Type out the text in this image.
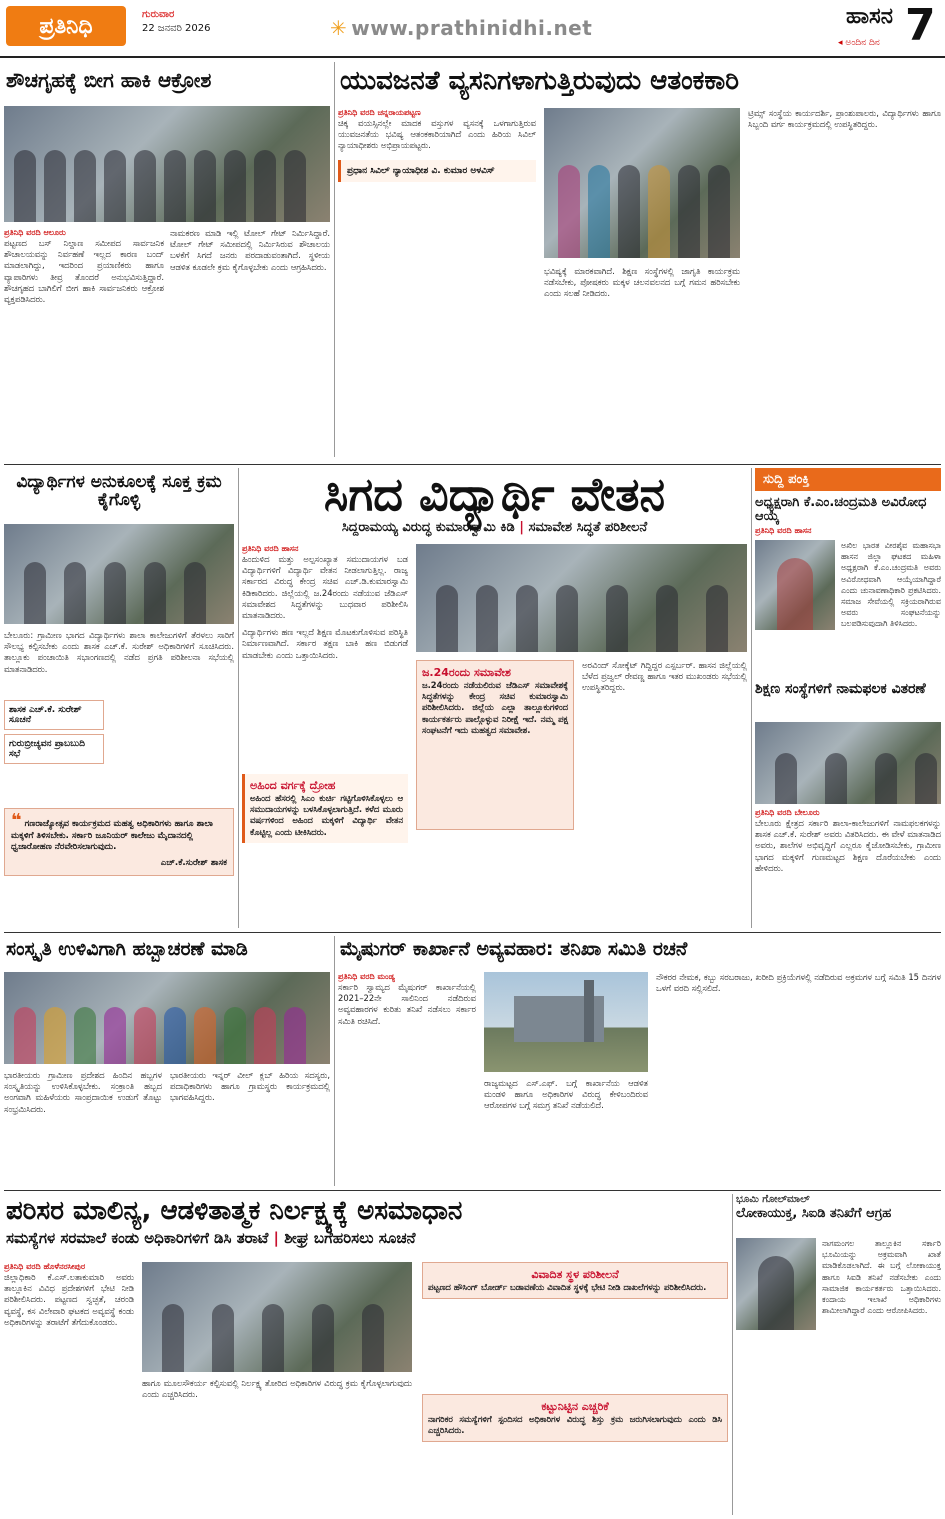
ಪ್ರತಿನಿಧಿ	ಗುರುವಾರ
22 ಜನವರಿ 2026	✳ www.prathinidhi.net	ಹಾಸನ
◂ ಅಂದಿನ ದಿನ 7
ಶೌಚಗೃಹಕ್ಕೆ ಬೀಗ ಹಾಕಿ ಆಕ್ರೋಶ
ಪ್ರತಿನಿಧಿ ವರದಿ ಆಲೂರು
ಪಟ್ಟಣದ ಬಸ್ ನಿಲ್ದಾಣ ಸಮೀಪದ ಸಾರ್ವಜನಿಕ ಶೌಚಾಲಯವನ್ನು ನಿರ್ವಹಣೆ ಇಲ್ಲದ ಕಾರಣ ಬಂದ್ ಮಾಡಲಾಗಿದ್ದು, ಇದರಿಂದ ಪ್ರಯಾಣಿಕರು ಹಾಗೂ ವ್ಯಾಪಾರಿಗಳು ತೀವ್ರ ತೊಂದರೆ ಅನುಭವಿಸುತ್ತಿದ್ದಾರೆ. ಶೌಚಗೃಹದ ಬಾಗಿಲಿಗೆ ಬೀಗ ಹಾಕಿ ಸಾರ್ವಜನಿಕರು ಆಕ್ರೋಶ ವ್ಯಕ್ತಪಡಿಸಿದರು.
ನಾಮಕರಣ ಮಾಡಿ ಇಲ್ಲಿ ಟೋಲ್ ಗೇಟ್ ನಿರ್ಮಿಸಿದ್ದಾರೆ. ಟೋಲ್ ಗೇಟ್ ಸಮೀಪದಲ್ಲಿ ನಿರ್ಮಿಸಿರುವ ಶೌಚಾಲಯ ಬಳಕೆಗೆ ಸಿಗದೆ ಜನರು ಪರದಾಡುವಂತಾಗಿದೆ. ಸ್ಥಳೀಯ ಆಡಳಿತ ಕೂಡಲೇ ಕ್ರಮ ಕೈಗೊಳ್ಳಬೇಕು ಎಂದು ಆಗ್ರಹಿಸಿದರು.
ಯುವಜನತೆ ವ್ಯಸನಿಗಳಾಗುತ್ತಿರುವುದು ಆತಂಕಕಾರಿ
ಪ್ರತಿನಿಧಿ ವರದಿ ಚನ್ನರಾಯಪಟ್ಟಣ
ಚಿಕ್ಕ ವಯಸ್ಸಿನಲ್ಲೇ ಮಾದಕ ವಸ್ತುಗಳ ವ್ಯಸನಕ್ಕೆ ಒಳಗಾಗುತ್ತಿರುವ ಯುವಜನತೆಯ ಭವಿಷ್ಯ ಆತಂಕಕಾರಿಯಾಗಿದೆ ಎಂದು ಹಿರಿಯ ಸಿವಿಲ್ ನ್ಯಾಯಾಧೀಶರು ಅಭಿಪ್ರಾಯಪಟ್ಟರು.
ಪ್ರಧಾನ ಸಿವಿಲ್ ನ್ಯಾಯಾಧೀಶ ವಿ. ಕುಮಾರ ಅಳವಿಸ್
ಭವಿಷ್ಯಕ್ಕೆ ಮಾರಕವಾಗಿದೆ. ಶಿಕ್ಷಣ ಸಂಸ್ಥೆಗಳಲ್ಲಿ ಜಾಗೃತಿ ಕಾರ್ಯಕ್ರಮ ನಡೆಸಬೇಕು, ಪೋಷಕರು ಮಕ್ಕಳ ಚಲನವಲನದ ಬಗ್ಗೆ ಗಮನ ಹರಿಸಬೇಕು ಎಂದು ಸಲಹೆ ನೀಡಿದರು.
ಟ್ರಿಮ್ಸ್ ಸಂಸ್ಥೆಯ ಕಾರ್ಯದರ್ಶಿ, ಪ್ರಾಂಶುಪಾಲರು, ವಿದ್ಯಾರ್ಥಿಗಳು ಹಾಗೂ ಸಿಬ್ಬಂದಿ ವರ್ಗ ಕಾರ್ಯಕ್ರಮದಲ್ಲಿ ಉಪಸ್ಥಿತರಿದ್ದರು.
ವಿದ್ಯಾರ್ಥಿಗಳ ಅನುಕೂಲಕ್ಕೆ ಸೂಕ್ತ ಕ್ರಮ ಕೈಗೊಳ್ಳಿ
ಬೇಲೂರು: ಗ್ರಾಮೀಣ ಭಾಗದ ವಿದ್ಯಾರ್ಥಿಗಳು ಶಾಲಾ ಕಾಲೇಜುಗಳಿಗೆ ತೆರಳಲು ಸಾರಿಗೆ ಸೌಲಭ್ಯ ಕಲ್ಪಿಸಬೇಕು ಎಂದು ಶಾಸಕ ಎಚ್.ಕೆ. ಸುರೇಶ್ ಅಧಿಕಾರಿಗಳಿಗೆ ಸೂಚಿಸಿದರು. ತಾಲ್ಲೂಕು ಪಂಚಾಯಿತಿ ಸಭಾಂಗಣದಲ್ಲಿ ನಡೆದ ಪ್ರಗತಿ ಪರಿಶೀಲನಾ ಸಭೆಯಲ್ಲಿ ಮಾತನಾಡಿದರು.
ಶಾಸಕ ಎಚ್.ಕೆ. ಸುರೇಶ್ ಸೂಚನೆ
ಗುರುಬ್ರೀಚ್ಯವನ ಪ್ರಾಬಬುದಿ ಸಭೆ
❝ ಗಣರಾಜ್ಯೋತ್ಸವ ಕಾರ್ಯಕ್ರಮದ ಮಹತ್ವ ಅಧಿಕಾರಿಗಳು ಹಾಗೂ ಶಾಲಾ ಮಕ್ಕಳಿಗೆ ತಿಳಿಸಬೇಕು. ಸರ್ಕಾರಿ ಜೂನಿಯರ್ ಕಾಲೇಜು ಮೈದಾನದಲ್ಲಿ ಧ್ವಜಾರೋಹಣ ನೆರವೇರಿಸಲಾಗುವುದು.
ಎಚ್.ಕೆ.ಸುರೇಶ್ ಶಾಸಕ
ಸಿಗದ ವಿದ್ಯಾರ್ಥಿ ವೇತನ
ಸಿದ್ದರಾಮಯ್ಯ ವಿರುದ್ಧ ಕುಮಾರಸ್ವಾಮಿ ಕಿಡಿ | ಸಮಾವೇಶ ಸಿದ್ಧತೆ ಪರಿಶೀಲನೆ
ಪ್ರತಿನಿಧಿ ವರದಿ ಹಾಸನ
ಹಿಂದುಳಿದ ಮತ್ತು ಅಲ್ಪಸಂಖ್ಯಾತ ಸಮುದಾಯಗಳ ಬಡ ವಿದ್ಯಾರ್ಥಿಗಳಿಗೆ ವಿದ್ಯಾರ್ಥಿ ವೇತನ ನೀಡಲಾಗುತ್ತಿಲ್ಲ. ರಾಜ್ಯ ಸರ್ಕಾರದ ವಿರುದ್ಧ ಕೇಂದ್ರ ಸಚಿವ ಎಚ್.ಡಿ.ಕುಮಾರಸ್ವಾಮಿ ಕಿಡಿಕಾರಿದರು. ಜಿಲ್ಲೆಯಲ್ಲಿ ಜ.24ರಂದು ನಡೆಯುವ ಜೆಡಿಎಸ್ ಸಮಾವೇಶದ ಸಿದ್ಧತೆಗಳನ್ನು ಬುಧವಾರ ಪರಿಶೀಲಿಸಿ ಮಾತನಾಡಿದರು.
ವಿದ್ಯಾರ್ಥಿಗಳು ಹಣ ಇಲ್ಲದೆ ಶಿಕ್ಷಣ ಮೊಟಕುಗೊಳಿಸುವ ಪರಿಸ್ಥಿತಿ ನಿರ್ಮಾಣವಾಗಿದೆ. ಸರ್ಕಾರ ತಕ್ಷಣ ಬಾಕಿ ಹಣ ಬಿಡುಗಡೆ ಮಾಡಬೇಕು ಎಂದು ಒತ್ತಾಯಿಸಿದರು.
ಅಹಿಂದ ವರ್ಗಕ್ಕೆ ದ್ರೋಹ
ಅಹಿಂದ ಹೆಸರಲ್ಲಿ ಸಿಎಂ ಕುರ್ಚಿ ಗಟ್ಟಿಗೊಳಿಸಿಕೊಳ್ಳಲು ಆ ಸಮುದಾಯಗಳನ್ನು ಬಳಸಿಕೊಳ್ಳಲಾಗುತ್ತಿದೆ. ಕಳೆದ ಮೂರು ವರ್ಷಗಳಿಂದ ಅಹಿಂದ ಮಕ್ಕಳಿಗೆ ವಿದ್ಯಾರ್ಥಿ ವೇತನ ಕೊಟ್ಟಿಲ್ಲ ಎಂದು ಟೀಕಿಸಿದರು.
ಜ.24ರಂದು ಸಮಾವೇಶ
ಜ.24ರಂದು ನಡೆಯಲಿರುವ ಜೆಡಿಎಸ್ ಸಮಾವೇಶಕ್ಕೆ ಸಿದ್ಧತೆಗಳನ್ನು ಕೇಂದ್ರ ಸಚಿವ ಕುಮಾರಸ್ವಾಮಿ ಪರಿಶೀಲಿಸಿದರು. ಜಿಲ್ಲೆಯ ಎಲ್ಲಾ ತಾಲ್ಲೂಕುಗಳಿಂದ ಕಾರ್ಯಕರ್ತರು ಪಾಲ್ಗೊಳ್ಳುವ ನಿರೀಕ್ಷೆ ಇದೆ. ನಮ್ಮ ಪಕ್ಷ ಸಂಘಟನೆಗೆ ಇದು ಮಹತ್ವದ ಸಮಾವೇಶ.
ಅರವಿಂದ್ ಸೋಕ್ಕೆಟ್ ಗಿದ್ದಿದ್ದರ ಎಸ್ಪರ್ಬರ್. ಹಾಸನ ಜಿಲ್ಲೆಯಲ್ಲಿ ಬೆಳೆದ ಪ್ರಜ್ವಲ್ ರೇವಣ್ಣ ಹಾಗೂ ಇತರ ಮುಖಂಡರು ಸಭೆಯಲ್ಲಿ ಉಪಸ್ಥಿತರಿದ್ದರು.
ಸುದ್ದಿ ಪಂಕ್ತಿ
ಅಧ್ಯಕ್ಷರಾಗಿ ಕೆ.ಎಂ.ಚಂದ್ರಮತಿ ಅವಿರೋಧ ಆಯ್ಕೆ
ಪ್ರತಿನಿಧಿ ವರದಿ ಹಾಸನ
ಅಖಿಲ ಭಾರತ ವೀರಶೈವ ಮಹಾಸಭಾ ಹಾಸನ ಜಿಲ್ಲಾ ಘಟಕದ ಮಹಿಳಾ ಅಧ್ಯಕ್ಷರಾಗಿ ಕೆ.ಎಂ.ಚಂದ್ರಮತಿ ಅವರು ಅವಿರೋಧವಾಗಿ ಆಯ್ಕೆಯಾಗಿದ್ದಾರೆ ಎಂದು ಚುನಾವಣಾಧಿಕಾರಿ ಪ್ರಕಟಿಸಿದರು. ಸಮಾಜ ಸೇವೆಯಲ್ಲಿ ಸಕ್ರಿಯರಾಗಿರುವ ಅವರು ಸಂಘಟನೆಯನ್ನು ಬಲಪಡಿಸುವುದಾಗಿ ತಿಳಿಸಿದರು.
ಶಿಕ್ಷಣ ಸಂಸ್ಥೆಗಳಿಗೆ ನಾಮಫಲಕ ವಿತರಣೆ
ಪ್ರತಿನಿಧಿ ವರದಿ ಬೇಲೂರು
ಬೇಲೂರು ಕ್ಷೇತ್ರದ ಸರ್ಕಾರಿ ಶಾಲಾ-ಕಾಲೇಜುಗಳಿಗೆ ನಾಮಫಲಕಗಳನ್ನು ಶಾಸಕ ಎಚ್.ಕೆ. ಸುರೇಶ್ ಅವರು ವಿತರಿಸಿದರು. ಈ ವೇಳೆ ಮಾತನಾಡಿದ ಅವರು, ಶಾಲೆಗಳ ಅಭಿವೃದ್ಧಿಗೆ ಎಲ್ಲರೂ ಕೈಜೋಡಿಸಬೇಕು, ಗ್ರಾಮೀಣ ಭಾಗದ ಮಕ್ಕಳಿಗೆ ಗುಣಮಟ್ಟದ ಶಿಕ್ಷಣ ದೊರೆಯಬೇಕು ಎಂದು ಹೇಳಿದರು.
ಸಂಸ್ಕೃತಿ ಉಳಿವಿಗಾಗಿ ಹಬ್ಬಾಚರಣೆ ಮಾಡಿ
ಭಾರತೀಯರು ಗ್ರಾಮೀಣ ಪ್ರದೇಶದ ಹಿಂದಿನ ಹಬ್ಬಗಳ ಸಂಸ್ಕೃತಿಯನ್ನು ಉಳಿಸಿಕೊಳ್ಳಬೇಕು. ಸಂಕ್ರಾಂತಿ ಹಬ್ಬದ ಅಂಗವಾಗಿ ಮಹಿಳೆಯರು ಸಾಂಪ್ರದಾಯಿಕ ಉಡುಗೆ ತೊಟ್ಟು ಸಂಭ್ರಮಿಸಿದರು.
ಭಾರತೀಯರು ಇನ್ನರ್ ವೀಲ್ ಕ್ಲಬ್ ಹಿರಿಯ ಸದಸ್ಯರು, ಪದಾಧಿಕಾರಿಗಳು ಹಾಗೂ ಗ್ರಾಮಸ್ಥರು ಕಾರ್ಯಕ್ರಮದಲ್ಲಿ ಭಾಗವಹಿಸಿದ್ದರು.
ಮೈಷುಗರ್ ಕಾರ್ಖಾನೆ ಅವ್ಯವಹಾರ: ತನಿಖಾ ಸಮಿತಿ ರಚನೆ
ಪ್ರತಿನಿಧಿ ವರದಿ ಮಂಡ್ಯ
ಸರ್ಕಾರಿ ಸ್ವಾಮ್ಯದ ಮೈಷುಗರ್ ಕಾರ್ಖಾನೆಯಲ್ಲಿ 2021–22ನೇ ಸಾಲಿನಿಂದ ನಡೆದಿರುವ ಅವ್ಯವಹಾರಗಳ ಕುರಿತು ತನಿಖೆ ನಡೆಸಲು ಸರ್ಕಾರ ಸಮಿತಿ ರಚಿಸಿದೆ.
ರಾಜ್ಯಮಟ್ಟದ ಎಸ್.ಎಫ್. ಬಗ್ಗೆ ಕಾರ್ಖಾನೆಯ ಆಡಳಿತ ಮಂಡಳಿ ಹಾಗೂ ಅಧಿಕಾರಿಗಳ ವಿರುದ್ಧ ಕೇಳಿಬಂದಿರುವ ಆರೋಪಗಳ ಬಗ್ಗೆ ಸಮಗ್ರ ತನಿಖೆ ನಡೆಯಲಿದೆ.
ನೌಕರರ ನೇಮಕ, ಕಬ್ಬು ಸರಬರಾಜು, ಖರೀದಿ ಪ್ರಕ್ರಿಯೆಗಳಲ್ಲಿ ನಡೆದಿರುವ ಅಕ್ರಮಗಳ ಬಗ್ಗೆ ಸಮಿತಿ 15 ದಿನಗಳ ಒಳಗೆ ವರದಿ ಸಲ್ಲಿಸಲಿದೆ.
ಪರಿಸರ ಮಾಲಿನ್ಯ, ಆಡಳಿತಾತ್ಮಕ ನಿರ್ಲಕ್ಷ್ಯಕ್ಕೆ ಅಸಮಾಧಾನ
ಸಮಸ್ಯೆಗಳ ಸರಮಾಲೆ ಕಂಡು ಅಧಿಕಾರಿಗಳಿಗೆ ಡಿಸಿ ತರಾಟೆ | ಶೀಘ್ರ ಬಗೆಹರಿಸಲು ಸೂಚನೆ
ಪ್ರತಿನಿಧಿ ವರದಿ ಹೊಳೆನರಸೀಪುರ
ಜಿಲ್ಲಾಧಿಕಾರಿ ಕೆ.ಎಸ್.ಲತಾಕುಮಾರಿ ಅವರು ತಾಲ್ಲೂಕಿನ ವಿವಿಧ ಪ್ರದೇಶಗಳಿಗೆ ಭೇಟಿ ನೀಡಿ ಪರಿಶೀಲಿಸಿದರು. ಪಟ್ಟಣದ ಸ್ವಚ್ಛತೆ, ಚರಂಡಿ ವ್ಯವಸ್ಥೆ, ಕಸ ವಿಲೇವಾರಿ ಘಟಕದ ಅವ್ಯವಸ್ಥೆ ಕಂಡು ಅಧಿಕಾರಿಗಳನ್ನು ತರಾಟೆಗೆ ತೆಗೆದುಕೊಂಡರು.
ಹಾಗೂ ಮೂಲಸೌಕರ್ಯ ಕಲ್ಪಿಸುವಲ್ಲಿ ನಿರ್ಲಕ್ಷ್ಯ ತೋರಿದ ಅಧಿಕಾರಿಗಳ ವಿರುದ್ಧ ಕ್ರಮ ಕೈಗೊಳ್ಳಲಾಗುವುದು ಎಂದು ಎಚ್ಚರಿಸಿದರು.
ವಿವಾದಿತ ಸ್ಥಳ ಪರಿಶೀಲನೆ
ಪಟ್ಟಣದ ಹೌಸಿಂಗ್ ಬೋರ್ಡ್ ಬಡಾವಣೆಯ ವಿವಾದಿತ ಸ್ಥಳಕ್ಕೆ ಭೇಟಿ ನೀಡಿ ದಾಖಲೆಗಳನ್ನು ಪರಿಶೀಲಿಸಿದರು.
ಕಟ್ಟುನಿಟ್ಟಿನ ಎಚ್ಚರಿಕೆ
ನಾಗರಿಕರ ಸಮಸ್ಯೆಗಳಿಗೆ ಸ್ಪಂದಿಸದ ಅಧಿಕಾರಿಗಳ ವಿರುದ್ಧ ಶಿಸ್ತು ಕ್ರಮ ಜರುಗಿಸಲಾಗುವುದು ಎಂದು ಡಿಸಿ ಎಚ್ಚರಿಸಿದರು.
ಭೂಮಿ ಗೋಲ್‌ಮಾಲ್
ಲೋಕಾಯುಕ್ತ, ಸಿಐಡಿ ತನಿಖೆಗೆ ಆಗ್ರಹ
ನಾಗಮಂಗಲ ತಾಲ್ಲೂಕಿನ ಸರ್ಕಾರಿ ಭೂಮಿಯನ್ನು ಅಕ್ರಮವಾಗಿ ಖಾತೆ ಮಾಡಿಕೊಡಲಾಗಿದೆ. ಈ ಬಗ್ಗೆ ಲೋಕಾಯುಕ್ತ ಹಾಗೂ ಸಿಐಡಿ ತನಿಖೆ ನಡೆಸಬೇಕು ಎಂದು ಸಾಮಾಜಿಕ ಕಾರ್ಯಕರ್ತರು ಒತ್ತಾಯಿಸಿದರು. ಕಂದಾಯ ಇಲಾಖೆ ಅಧಿಕಾರಿಗಳು ಶಾಮೀಲಾಗಿದ್ದಾರೆ ಎಂದು ಆರೋಪಿಸಿದರು.
